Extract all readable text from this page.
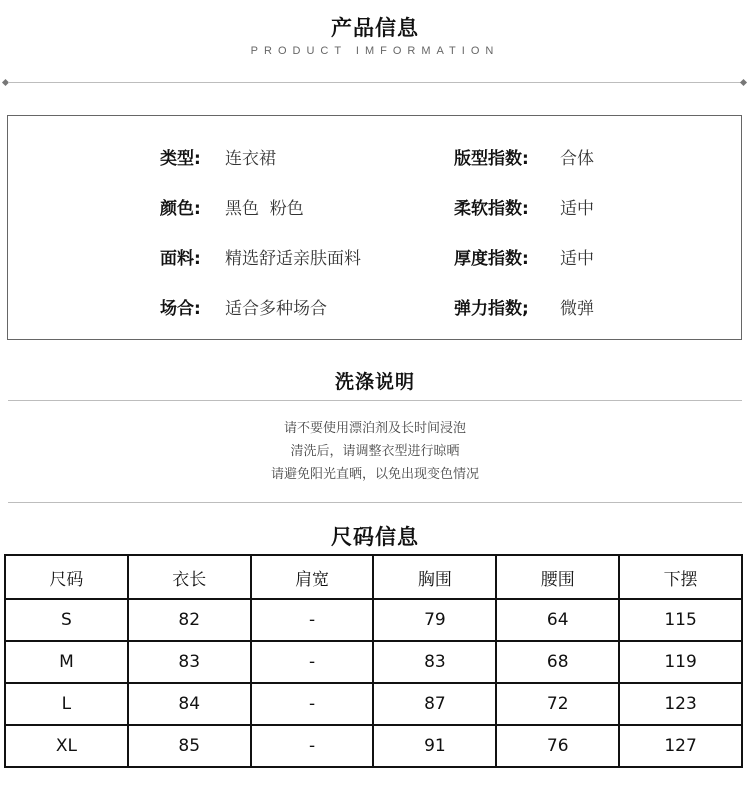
产品信息
PRODUCT IMFORMATION
类型: 连衣裙
颜色: 黑色  粉色
面料: 精选舒适亲肤面料
场合: 适合多种场合
版型指数: 合体
柔软指数: 适中
厚度指数: 适中
弹力指数; 微弹
洗涤说明
请不要使用漂泊剂及长时间浸泡
清洗后，请调整衣型进行晾晒
请避免阳光直晒，以免出现变色情况
尺码信息
尺码	衣长	肩宽	胸围	腰围	下摆
S	82	-	79	64	115
M	83	-	83	68	119
L	84	-	87	72	123
XL	85	-	91	76	127
